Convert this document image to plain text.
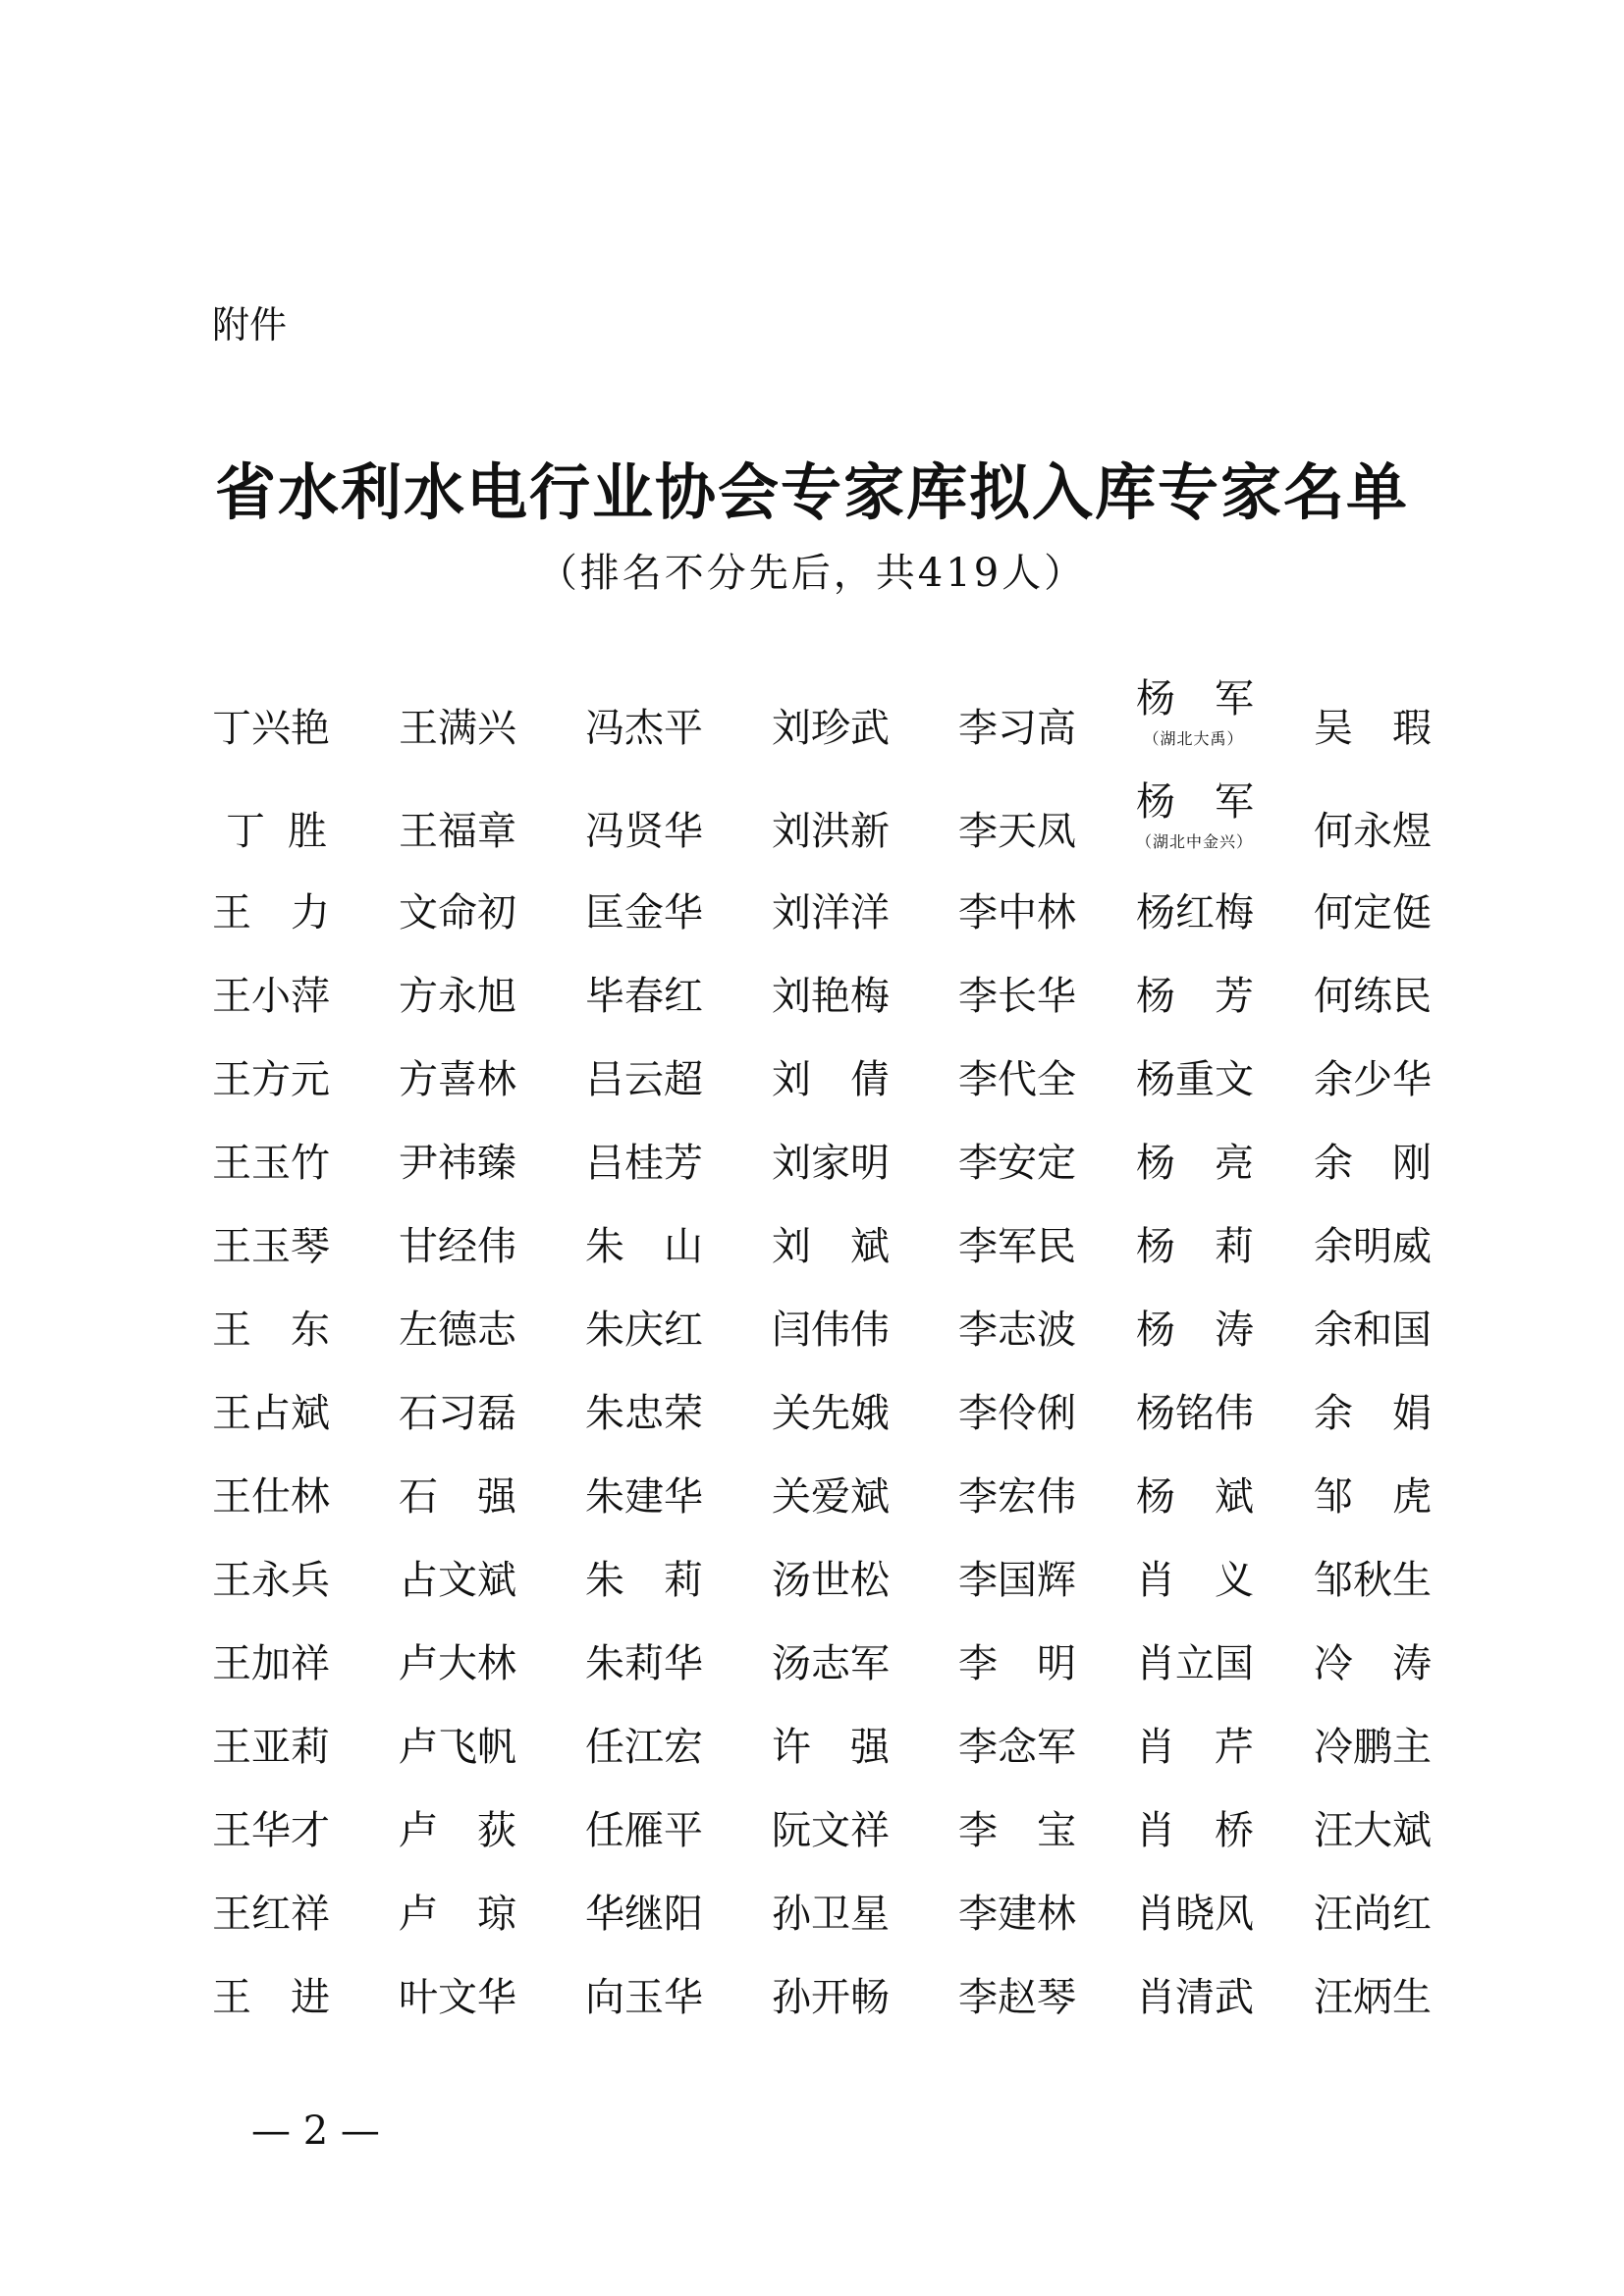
附件
省水利水电行业协会专家库拟入库专家名单
（排名不分先后，共419人）
丁兴艳 王满兴 冯杰平 刘珍武 李习高
杨　军
（湖北大禹） 吴　瑕
丁 胜 王福章 冯贤华 刘洪新 李天凤
杨　军
（湖北中金兴） 何永煜
王　力 文命初 匡金华 刘洋洋 李中林 杨红梅 何定侹
王小萍 方永旭 毕春红 刘艳梅 李长华 杨　芳 何练民
王方元 方喜林 吕云超 刘　倩 李代全 杨重文 余少华
王玉竹 尹祎臻 吕桂芳 刘家明 李安定 杨　亮 余　刚
王玉琴 甘经伟 朱　山 刘　斌 李军民 杨　莉 余明威
王　东 左德志 朱庆红 闫伟伟 李志波 杨　涛 余和国
王占斌 石习磊 朱忠荣 关先娥 李伶俐 杨铭伟 余　娟
王仕林 石　强 朱建华 关爱斌 李宏伟 杨　斌 邹　虎
王永兵 占文斌 朱　莉 汤世松 李国辉 肖　义 邹秋生
王加祥 卢大林 朱莉华 汤志军 李　明 肖立国 冷　涛
王亚莉 卢飞帆 任江宏 许　强 李念军 肖　芹 冷鹏主
王华才 卢　荻 任雁平 阮文祥 李　宝 肖　桥 汪大斌
王红祥 卢　琼 华继阳 孙卫星 李建林 肖晓风 汪尚红
王　进 叶文华 向玉华 孙开畅 李赵琴 肖清武 汪炳生
— 2 —
